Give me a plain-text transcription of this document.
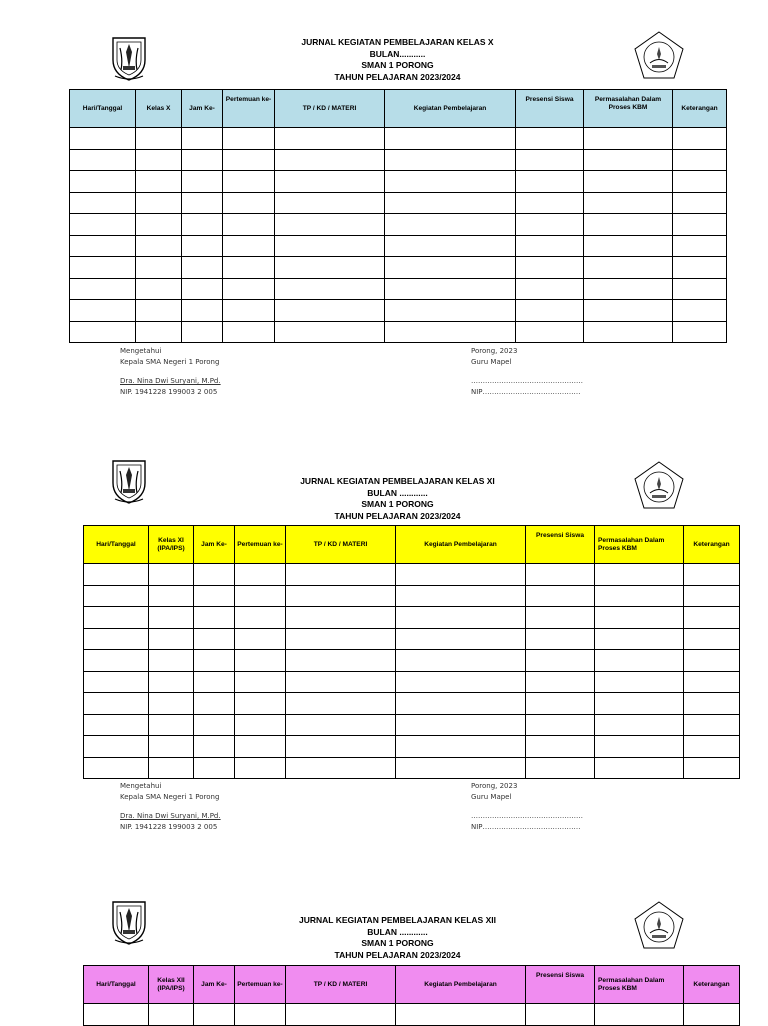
JURNAL KEGIATAN PEMBELAJARAN KELAS X
BULAN...........
SMAN 1 PORONG
TAHUN PELAJARAN 2023/2024
Hari/Tanggal	Kelas X	Jam Ke-	Pertemuan ke-	TP / KD / MATERI	Kegiatan Pembelajaran	Presensi Siswa	Permasalahan Dalam Proses KBM	Keterangan

Mengetahui
Kepala SMA Negeri 1 Porong
Dra. Nina Dwi Suryani, M.Pd.
NIP. 1941228 199003 2 005
Porong, 2023
Guru Mapel
…………………………………………
NIP……………………………………
JURNAL KEGIATAN PEMBELAJARAN KELAS XI
BULAN ............
SMAN 1 PORONG
TAHUN PELAJARAN 2023/2024
Hari/Tanggal	Kelas XI (IPA/IPS)	Jam Ke-	Pertemuan ke-	TP / KD / MATERI	Kegiatan Pembelajaran	Presensi Siswa	Permasalahan Dalam Proses KBM	Keterangan

Mengetahui
Kepala SMA Negeri 1 Porong
Dra. Nina Dwi Suryani, M.Pd.
NIP. 1941228 199003 2 005
Porong, 2023
Guru Mapel
…………………………………………
NIP……………………………………
JURNAL KEGIATAN PEMBELAJARAN KELAS XII
BULAN ............
SMAN 1 PORONG
TAHUN PELAJARAN 2023/2024
Hari/Tanggal	Kelas XII (IPA/IPS)	Jam Ke-	Pertemuan ke-	TP / KD / MATERI	Kegiatan Pembelajaran	Presensi Siswa	Permasalahan Dalam Proses KBM	Keterangan
